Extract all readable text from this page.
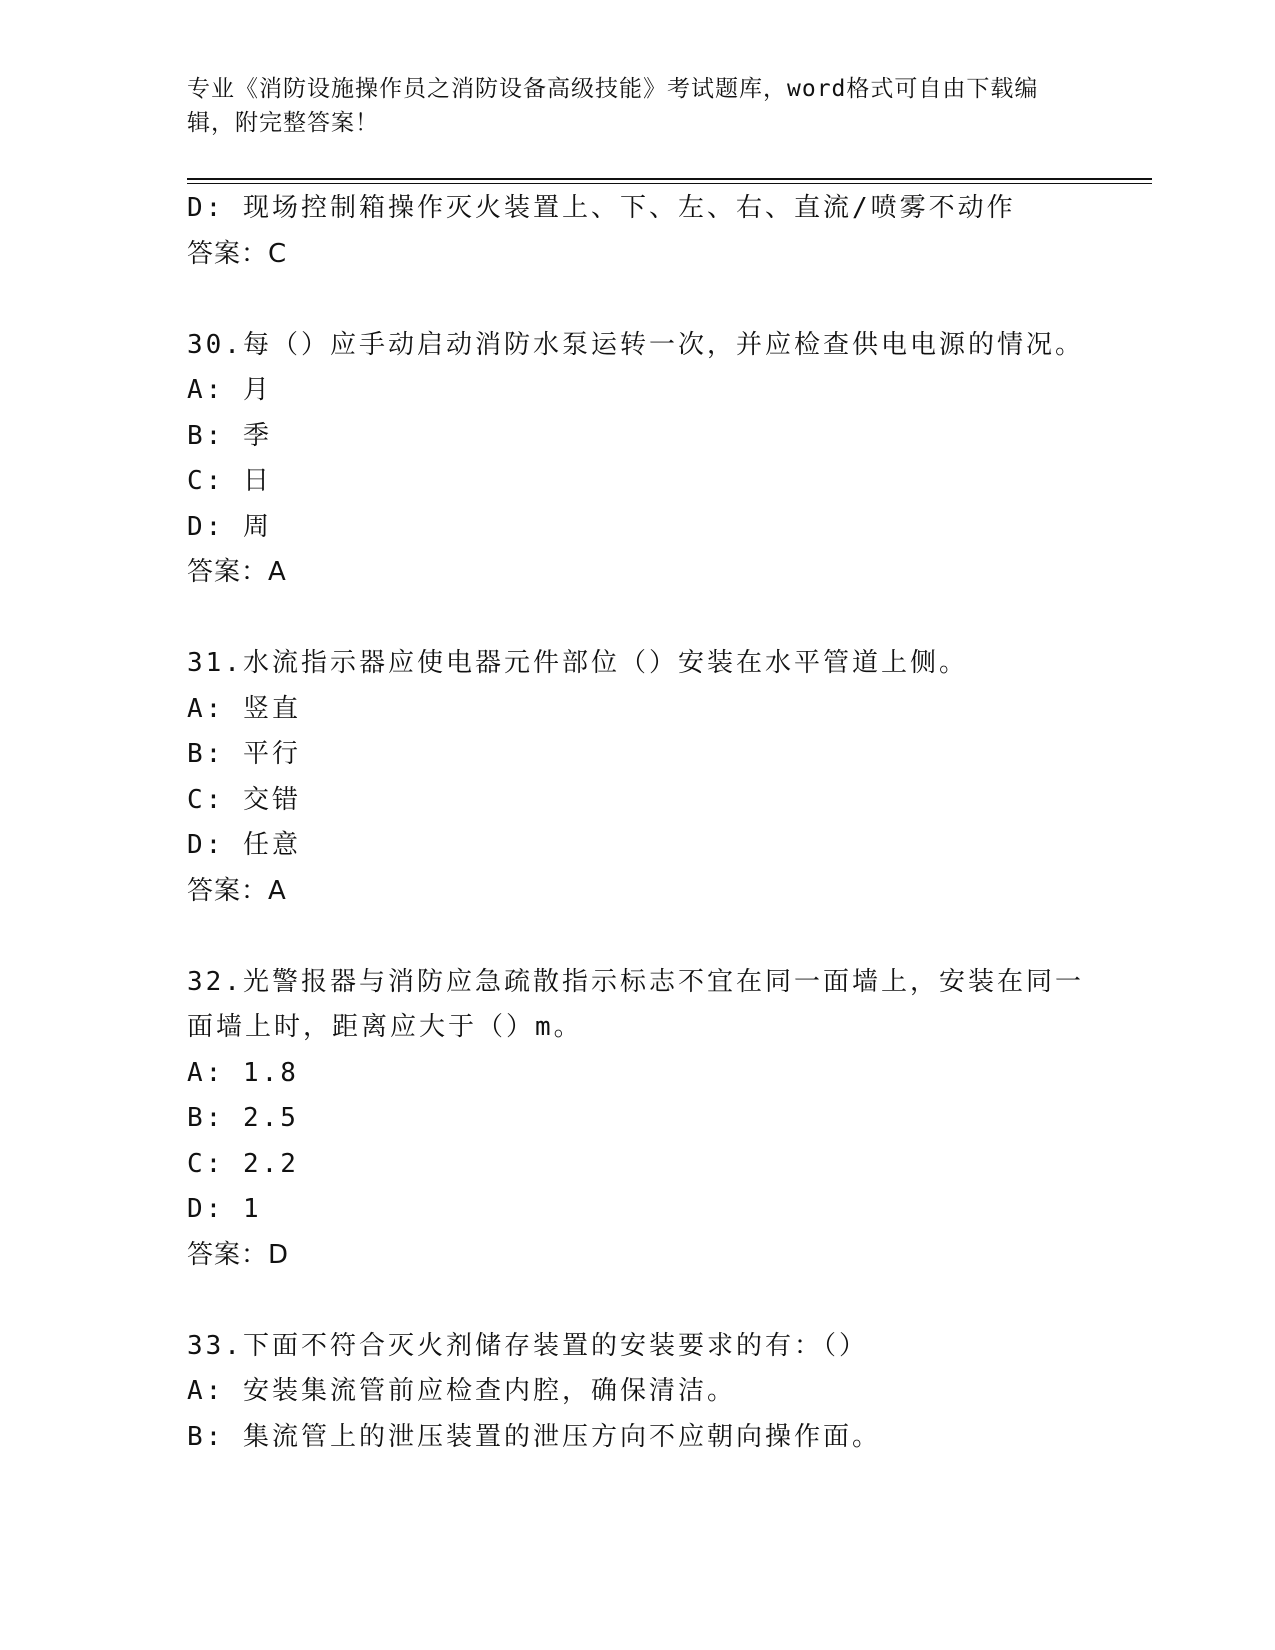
专业《消防设施操作员之消防设备高级技能》考试题库，word格式可自由下载编
辑，附完整答案！
D: 现场控制箱操作灭火装置上、下、左、右、直流/喷雾不动作
答案：C
30.每（）应手动启动消防水泵运转一次，并应检查供电电源的情况。
A: 月
B: 季
C: 日
D: 周
答案：A
31.水流指示器应使电器元件部位（）安装在水平管道上侧。
A: 竖直
B: 平行
C: 交错
D: 任意
答案：A
32.光警报器与消防应急疏散指示标志不宜在同一面墙上，安装在同一
面墙上时，距离应大于（）m。
A: 1.8
B: 2.5
C: 2.2
D: 1
答案：D
33.下面不符合灭火剂储存装置的安装要求的有：（）
A: 安装集流管前应检查内腔，确保清洁。
B: 集流管上的泄压装置的泄压方向不应朝向操作面。
